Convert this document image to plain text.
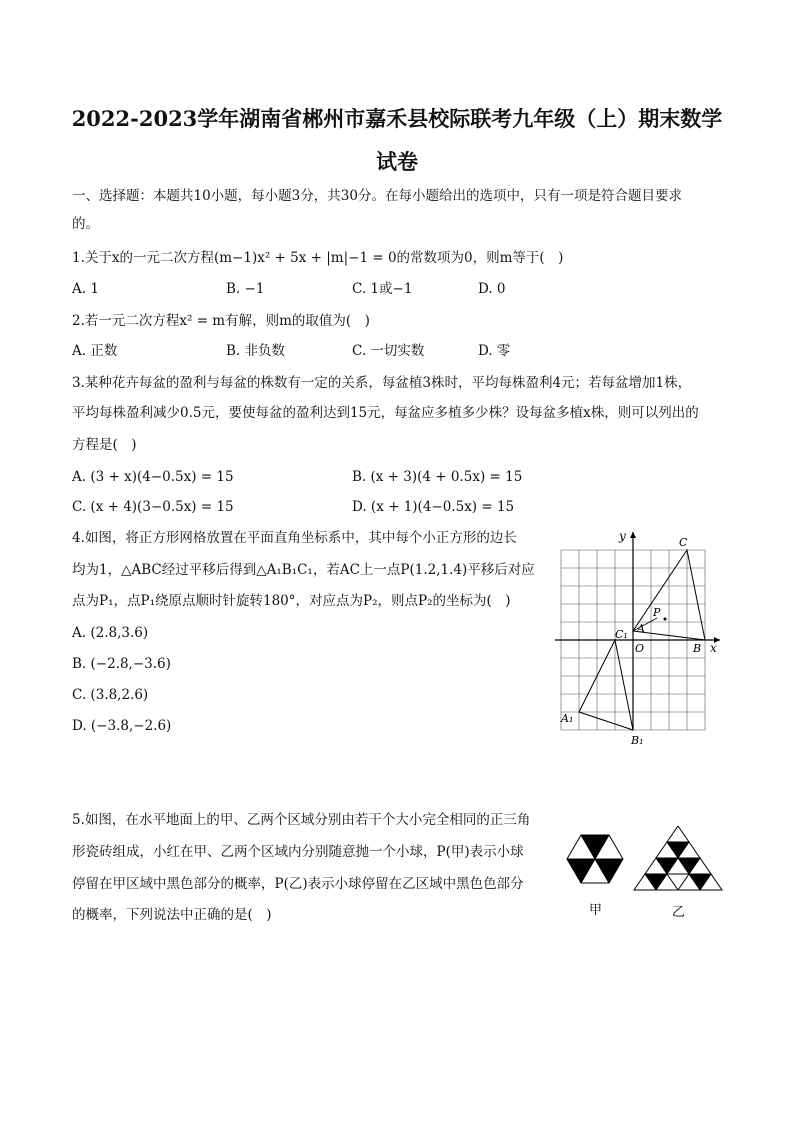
2022-2023学年湖南省郴州市嘉禾县校际联考九年级（上）期末数学
试卷
一、选择题：本题共10小题，每小题3分，共30分。在每小题给出的选项中，只有一项是符合题目要求
的。
1.关于x的一元二次方程(m−1)x² + 5x + |m|−1 = 0的常数项为0，则m等于(　)
A. 1	B. −1	C. 1或−1	D. 0
2.若一元二次方程x² = m有解，则m的取值为(　)
A. 正数	B. 非负数	C. 一切实数	D. 零
3.某种花卉每盆的盈利与每盆的株数有一定的关系，每盆植3株时，平均每株盈利4元；若每盆增加1株，
平均每株盈利减少0.5元，要使每盆的盈利达到15元，每盆应多植多少株？设每盆多植x株，则可以列出的
方程是(　)
A. (3 + x)(4−0.5x) = 15	B. (x + 3)(4 + 0.5x) = 15
C. (x + 4)(3−0.5x) = 15	D. (x + 1)(4−0.5x) = 15
4.如图，将正方形网格放置在平面直角坐标系中，其中每个小正方形的边长
均为1，△ABC经过平移后得到△A₁B₁C₁，若AC上一点P(1.2,1.4)平移后对应
点为P₁，点P₁绕原点顺时针旋转180°，对应点为P₂，则点P₂的坐标为(　)
A. (2.8,3.6)
B. (−2.8,−3.6)
C. (3.8,2.6)
D. (−3.8,−2.6)
y
x
O
A
B
C
P
A₁
B₁
C₁
5.如图，在水平地面上的甲、乙两个区域分别由若干个大小完全相同的正三角
形瓷砖组成，小红在甲、乙两个区域内分别随意抛一个小球，P(甲)表示小球
停留在甲区域中黑色部分的概率，P(乙)表示小球停留在乙区域中黑色色部分
的概率，下列说法中正确的是(　)	甲	乙
